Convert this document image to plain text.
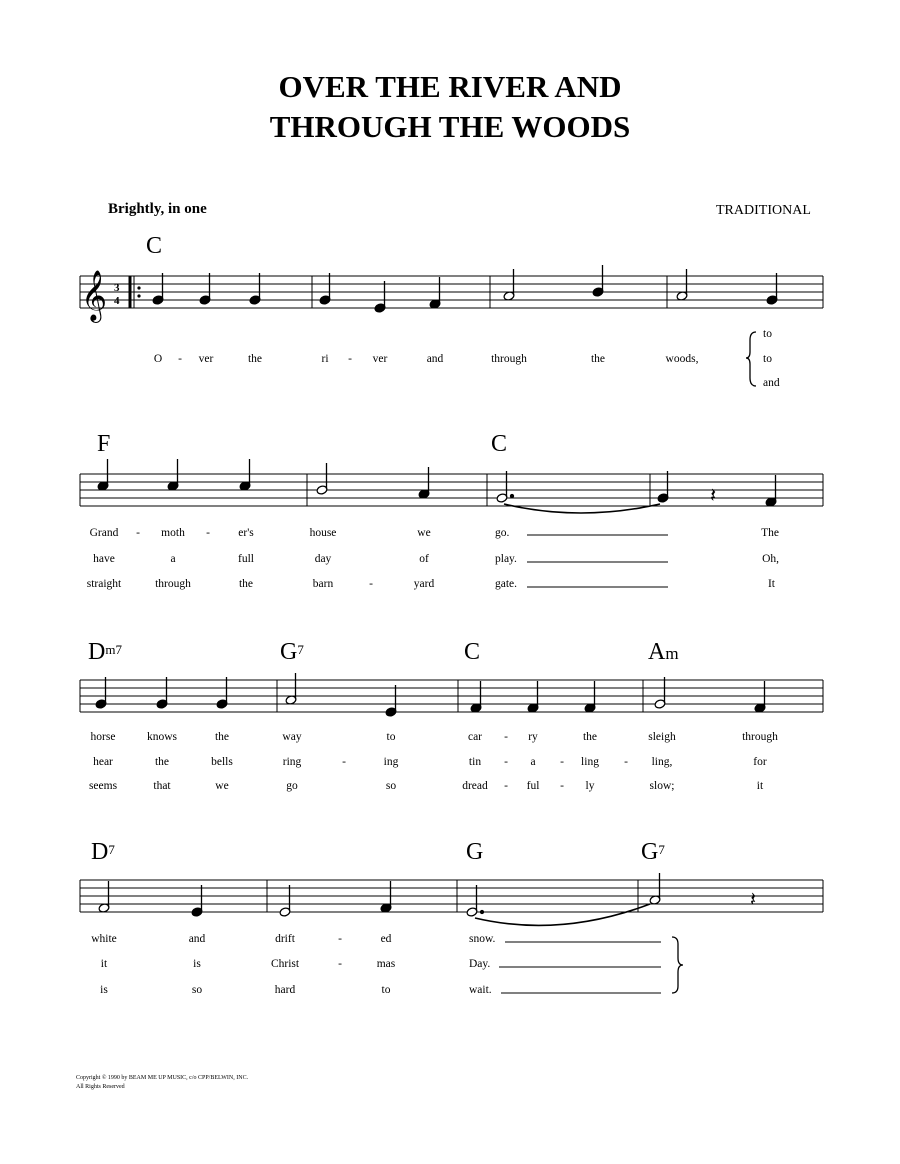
OVER THE RIVER AND
THROUGH THE WOODS
Brightly, in one	TRADITIONAL
C
F	C
$D^{m7}$	$G^7$	C	Am
$D^7$	G	$G^7$
𝄞 3
4
𝄽
𝄽
O - ver	the	ri - ver	and	through	the	woods,
to
to
and
Grand - moth - er's	house	we	go.	The
have	a	full	day	of	play.	Oh,
straight	through	the	barn	-	yard	gate.	It
horse	knows	the	way	to	car - ry	the	sleigh	through
hear	the	bells	ring	-	ing	tin - a - ling - ling,	for
seems	that	we	go	so	dread - ful - ly	slow;	it
white	and	drift	-	ed	snow.
it	is	Christ	-	mas	Day.
is	so	hard	to	wait.
Copyright © 1990 by BEAM ME UP MUSIC, c/o CPP/BELWIN, INC.
All Rights Reserved
